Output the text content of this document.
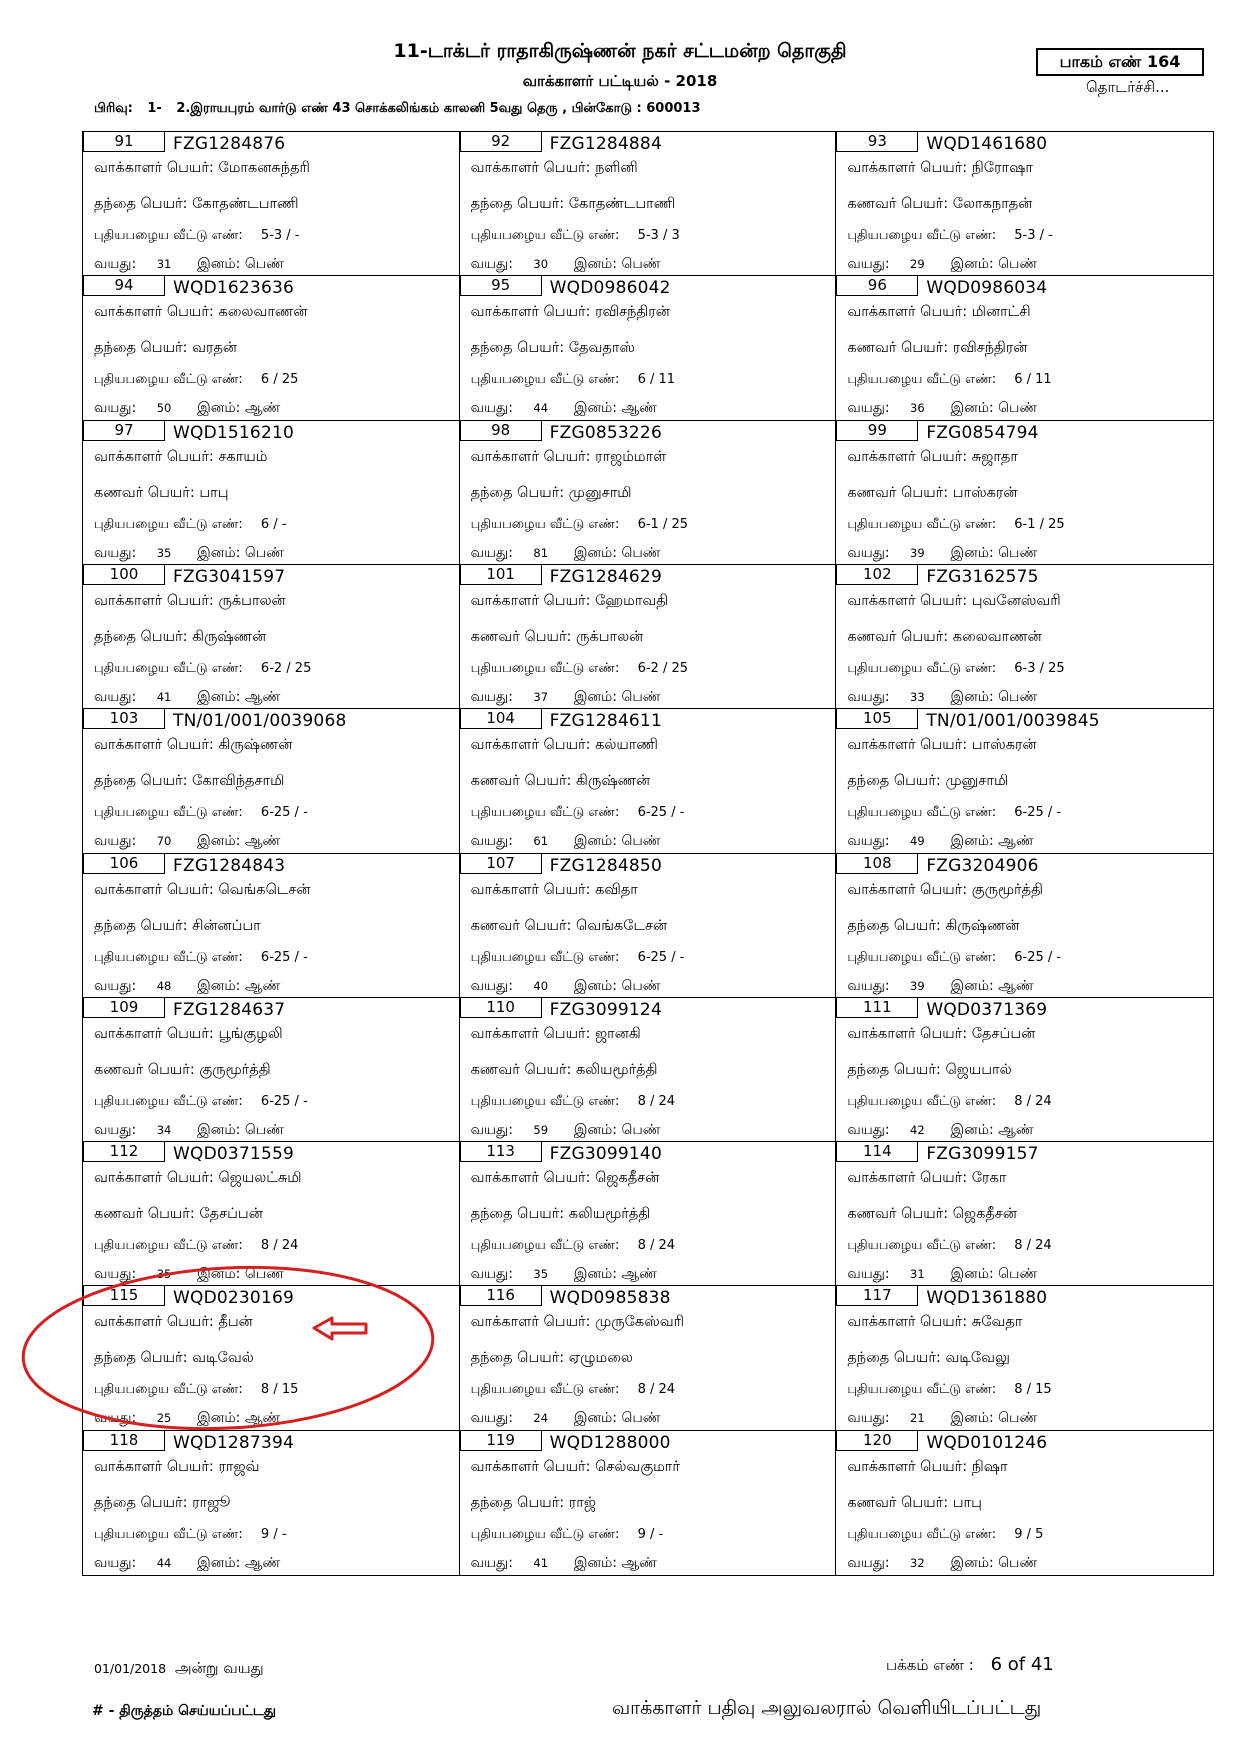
11-டாக்டர் ராதாகிருஷ்ணன் நகர் சட்டமன்ற தொகுதி
வாக்காளர் பட்டியல் - 2018
பாகம் எண் 164
தொடர்ச்சி...
பிரிவு: 1- 2.இராயபுரம் வார்டு எண் 43 சொக்கலிங்கம் காலனி 5வது தெரு , பின்கோடு : 600013
91	FZG1284876
வாக்காளர் பெயர்: மோகனசுந்தரி
தந்தை பெயர்: கோதண்டபாணி
புதியபழைய வீட்டு எண்: 5-3 / -
வயது: 31 இனம்: பெண்
92	FZG1284884
வாக்காளர் பெயர்: நளினி
தந்தை பெயர்: கோதண்டபாணி
புதியபழைய வீட்டு எண்: 5-3 / 3
வயது: 30 இனம்: பெண்
93	WQD1461680
வாக்காளர் பெயர்: நிரோஷா
கணவர் பெயர்: லோகநாதன்
புதியபழைய வீட்டு எண்: 5-3 / -
வயது: 29 இனம்: பெண்
94	WQD1623636
வாக்காளர் பெயர்: கலைவாணன்
தந்தை பெயர்: வரதன்
புதியபழைய வீட்டு எண்: 6 / 25
வயது: 50 இனம்: ஆண்
95	WQD0986042
வாக்காளர் பெயர்: ரவிசந்திரன்
தந்தை பெயர்: தேவதாஸ்
புதியபழைய வீட்டு எண்: 6 / 11
வயது: 44 இனம்: ஆண்
96	WQD0986034
வாக்காளர் பெயர்: மினாட்சி
கணவர் பெயர்: ரவிசந்திரன்
புதியபழைய வீட்டு எண்: 6 / 11
வயது: 36 இனம்: பெண்
97	WQD1516210
வாக்காளர் பெயர்: சகாயம்
கணவர் பெயர்: பாபு
புதியபழைய வீட்டு எண்: 6 / -
வயது: 35 இனம்: பெண்
98	FZG0853226
வாக்காளர் பெயர்: ராஜம்மாள்
தந்தை பெயர்: முனுசாமி
புதியபழைய வீட்டு எண்: 6-1 / 25
வயது: 81 இனம்: பெண்
99	FZG0854794
வாக்காளர் பெயர்: சுஜாதா
கணவர் பெயர்: பாஸ்கரன்
புதியபழைய வீட்டு எண்: 6-1 / 25
வயது: 39 இனம்: பெண்
100	FZG3041597
வாக்காளர் பெயர்: ருக்பாலன்
தந்தை பெயர்: கிருஷ்ணன்
புதியபழைய வீட்டு எண்: 6-2 / 25
வயது: 41 இனம்: ஆண்
101	FZG1284629
வாக்காளர் பெயர்: ஹேமாவதி
கணவர் பெயர்: ருக்பாலன்
புதியபழைய வீட்டு எண்: 6-2 / 25
வயது: 37 இனம்: பெண்
102	FZG3162575
வாக்காளர் பெயர்: புவனேஸ்வரி
கணவர் பெயர்: கலைவாணன்
புதியபழைய வீட்டு எண்: 6-3 / 25
வயது: 33 இனம்: பெண்
103	TN/01/001/0039068
வாக்காளர் பெயர்: கிருஷ்ணன்
தந்தை பெயர்: கோவிந்தசாமி
புதியபழைய வீட்டு எண்: 6-25 / -
வயது: 70 இனம்: ஆண்
104	FZG1284611
வாக்காளர் பெயர்: கல்யாணி
கணவர் பெயர்: கிருஷ்ணன்
புதியபழைய வீட்டு எண்: 6-25 / -
வயது: 61 இனம்: பெண்
105	TN/01/001/0039845
வாக்காளர் பெயர்: பாஸ்கரன்
தந்தை பெயர்: முனுசாமி
புதியபழைய வீட்டு எண்: 6-25 / -
வயது: 49 இனம்: ஆண்
106	FZG1284843
வாக்காளர் பெயர்: வெங்கடெசன்
தந்தை பெயர்: சின்னப்பா
புதியபழைய வீட்டு எண்: 6-25 / -
வயது: 48 இனம்: ஆண்
107	FZG1284850
வாக்காளர் பெயர்: கவிதா
கணவர் பெயர்: வெங்கடேசன்
புதியபழைய வீட்டு எண்: 6-25 / -
வயது: 40 இனம்: பெண்
108	FZG3204906
வாக்காளர் பெயர்: குருமூர்த்தி
தந்தை பெயர்: கிருஷ்ணன்
புதியபழைய வீட்டு எண்: 6-25 / -
வயது: 39 இனம்: ஆண்
109	FZG1284637
வாக்காளர் பெயர்: பூங்குழலி
கணவர் பெயர்: குருமூர்த்தி
புதியபழைய வீட்டு எண்: 6-25 / -
வயது: 34 இனம்: பெண்
110	FZG3099124
வாக்காளர் பெயர்: ஜானகி
கணவர் பெயர்: கலியமூர்த்தி
புதியபழைய வீட்டு எண்: 8 / 24
வயது: 59 இனம்: பெண்
111	WQD0371369
வாக்காளர் பெயர்: தேசப்பன்
தந்தை பெயர்: ஜெயபால்
புதியபழைய வீட்டு எண்: 8 / 24
வயது: 42 இனம்: ஆண்
112	WQD0371559
வாக்காளர் பெயர்: ஜெயலட்சுமி
கணவர் பெயர்: தேசப்பன்
புதியபழைய வீட்டு எண்: 8 / 24
வயது: 35 இனம்: பெண்
113	FZG3099140
வாக்காளர் பெயர்: ஜெகதீசன்
தந்தை பெயர்: கலியமூர்த்தி
புதியபழைய வீட்டு எண்: 8 / 24
வயது: 35 இனம்: ஆண்
114	FZG3099157
வாக்காளர் பெயர்: ரேகா
கணவர் பெயர்: ஜெகதீசன்
புதியபழைய வீட்டு எண்: 8 / 24
வயது: 31 இனம்: பெண்
115	WQD0230169
வாக்காளர் பெயர்: தீபன்
தந்தை பெயர்: வடிவேல்
புதியபழைய வீட்டு எண்: 8 / 15
வயது: 25 இனம்: ஆண்
116	WQD0985838
வாக்காளர் பெயர்: முருகேஸ்வரி
தந்தை பெயர்: ஏழுமலை
புதியபழைய வீட்டு எண்: 8 / 24
வயது: 24 இனம்: பெண்
117	WQD1361880
வாக்காளர் பெயர்: சுவேதா
தந்தை பெயர்: வடிவேலு
புதியபழைய வீட்டு எண்: 8 / 15
வயது: 21 இனம்: பெண்
118	WQD1287394
வாக்காளர் பெயர்: ராஜவ்
தந்தை பெயர்: ராஜூ
புதியபழைய வீட்டு எண்: 9 / -
வயது: 44 இனம்: ஆண்
119	WQD1288000
வாக்காளர் பெயர்: செல்வகுமார்
தந்தை பெயர்: ராஜ்
புதியபழைய வீட்டு எண்: 9 / -
வயது: 41 இனம்: ஆண்
120	WQD0101246
வாக்காளர் பெயர்: நிஷா
கணவர் பெயர்: பாபு
புதியபழைய வீட்டு எண்: 9 / 5
வயது: 32 இனம்: பெண்
01/01/2018 அன்று வயது	பக்கம் எண் : 6 of 41
# - திருத்தம் செய்யப்பட்டது	வாக்காளர் பதிவு அலுவலரால் வெளியிடப்பட்டது
